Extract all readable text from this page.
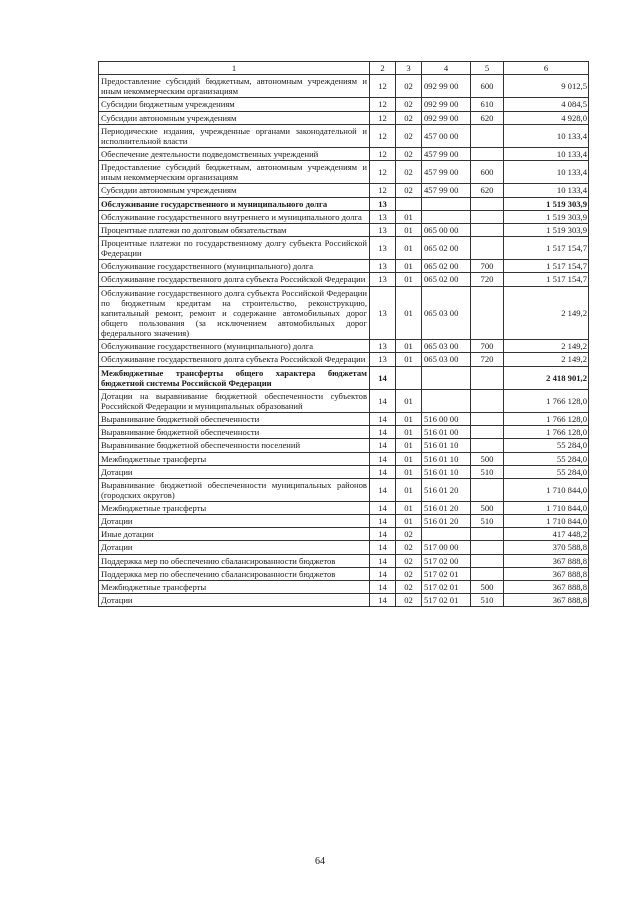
1	2	3	4	5	6
Предоставление субсидий бюджетным, автономным учреждениям и иным некоммерческим организациям	12	02	092 99 00	600	9 012,5
Субсидии бюджетным учреждениям	12	02	092 99 00	610	4 084,5
Субсидии автономным учреждениям	12	02	092 99 00	620	4 928,0
Периодические издания, учрежденные органами законодательной и исполнительной власти	12	02	457 00 00		10 133,4
Обеспечение деятельности подведомственных учреждений	12	02	457 99 00		10 133,4
Предоставление субсидий бюджетным, автономным учреждениям и иным некоммерческим организациям	12	02	457 99 00	600	10 133,4
Субсидии автономным учреждениям	12	02	457 99 00	620	10 133,4
Обслуживание государственного и муниципального долга	13				1 519 303,9
Обслуживание государственного внутреннего и муниципального долга	13	01			1 519 303,9
Процентные платежи по долговым обязательствам	13	01	065 00 00		1 519 303,9
Процентные платежи по государственному долгу субъекта Российской Федерации	13	01	065 02 00		1 517 154,7
Обслуживание государственного (муниципального) долга	13	01	065 02 00	700	1 517 154,7
Обслуживание государственного долга субъекта Российской Федерации	13	01	065 02 00	720	1 517 154,7
Обслуживание государственного долга субъекта Российской Федерации по бюджетным кредитам на строительство, реконструкцию, капитальный ремонт, ремонт и содержание автомобильных дорог общего пользования (за исключением автомобильных дорог федерального значения)	13	01	065 03 00		2 149,2
Обслуживание государственного (муниципального) долга	13	01	065 03 00	700	2 149,2
Обслуживание государственного долга субъекта Российской Федерации	13	01	065 03 00	720	2 149,2
Межбюджетные трансферты общего характера бюджетам бюджетной системы Российской Федерации	14				2 418 901,2
Дотации на выравнивание бюджетной обеспеченности субъектов Российской Федерации и муниципальных образований	14	01			1 766 128,0
Выравнивание бюджетной обеспеченности	14	01	516 00 00		1 766 128,0
Выравнивание бюджетной обеспеченности	14	01	516 01 00		1 766 128,0
Выравнивание бюджетной обеспеченности поселений	14	01	516 01 10		55 284,0
Межбюджетные трансферты	14	01	516 01 10	500	55 284,0
Дотации	14	01	516 01 10	510	55 284,0
Выравнивание бюджетной обеспеченности муниципальных районов (городских округов)	14	01	516 01 20		1 710 844,0
Межбюджетные трансферты	14	01	516 01 20	500	1 710 844,0
Дотации	14	01	516 01 20	510	1 710 844,0
Иные дотации	14	02			417 448,2
Дотации	14	02	517 00 00		370 588,8
Поддержка мер по обеспечению сбалансированности бюджетов	14	02	517 02 00		367 888,8
Поддержка мер по обеспечению сбалансированности бюджетов	14	02	517 02 01		367 888,8
Межбюджетные трансферты	14	02	517 02 01	500	367 888,8
Дотации	14	02	517 02 01	510	367 888,8
64
